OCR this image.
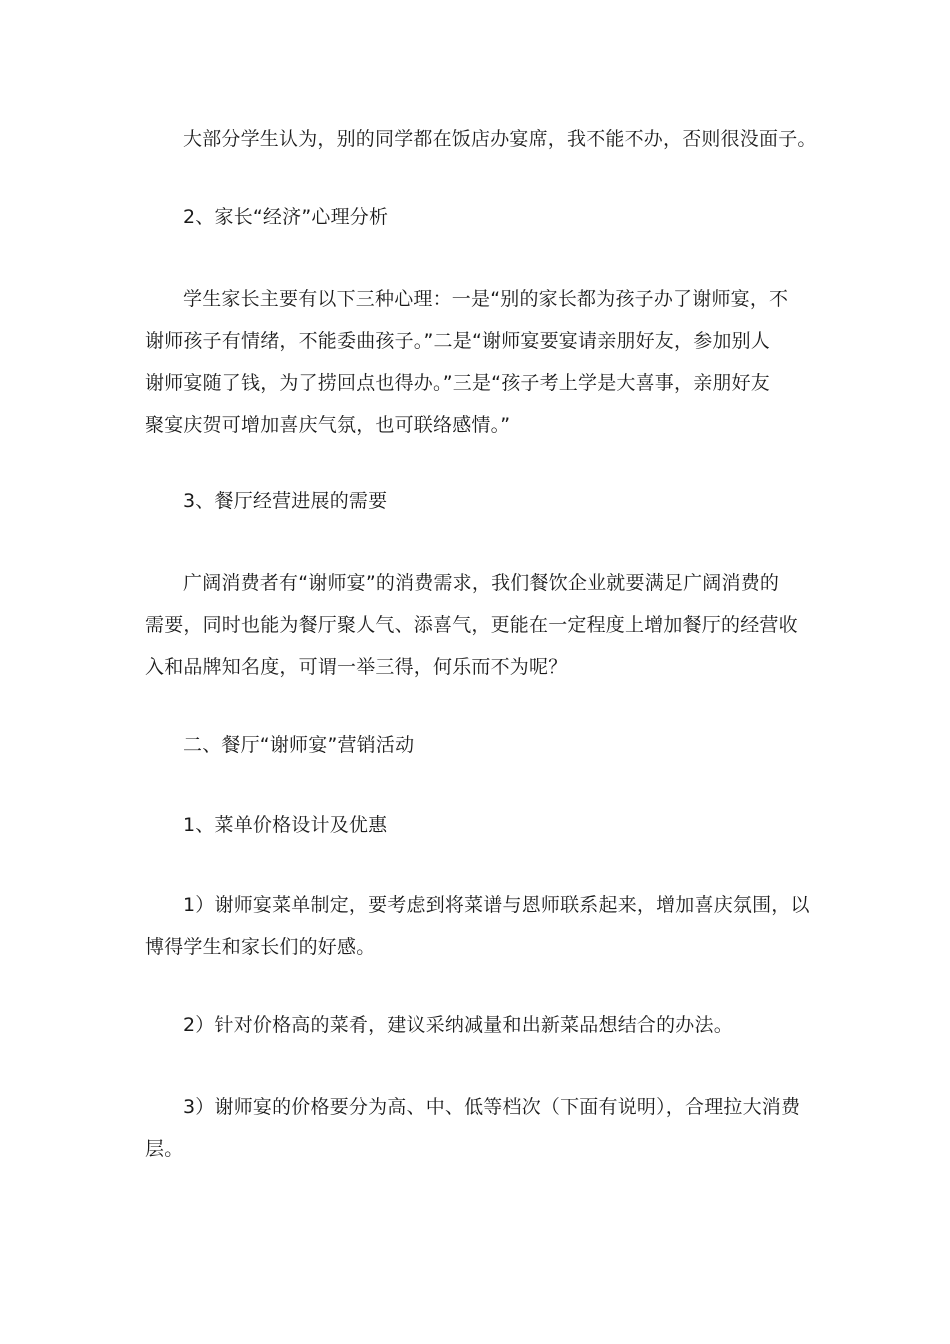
大部分学生认为，别的同学都在饭店办宴席，我不能不办，否则很没面子。
2、家长“经济”心理分析
学生家长主要有以下三种心理：一是“别的家长都为孩子办了谢师宴，不
谢师孩子有情绪，不能委曲孩子。”二是“谢师宴要宴请亲朋好友，参加别人
谢师宴随了钱，为了捞回点也得办。”三是“孩子考上学是大喜事，亲朋好友
聚宴庆贺可增加喜庆气氛，也可联络感情。”
3、餐厅经营进展的需要
广阔消费者有“谢师宴”的消费需求，我们餐饮企业就要满足广阔消费的
需要，同时也能为餐厅聚人气、添喜气，更能在一定程度上增加餐厅的经营收
入和品牌知名度，可谓一举三得，何乐而不为呢？
二、餐厅“谢师宴”营销活动
1、菜单价格设计及优惠
1）谢师宴菜单制定，要考虑到将菜谱与恩师联系起来，增加喜庆氛围，以
博得学生和家长们的好感。
2）针对价格高的菜肴，建议采纳减量和出新菜品想结合的办法。
3）谢师宴的价格要分为高、中、低等档次（下面有说明），合理拉大消费
层。
